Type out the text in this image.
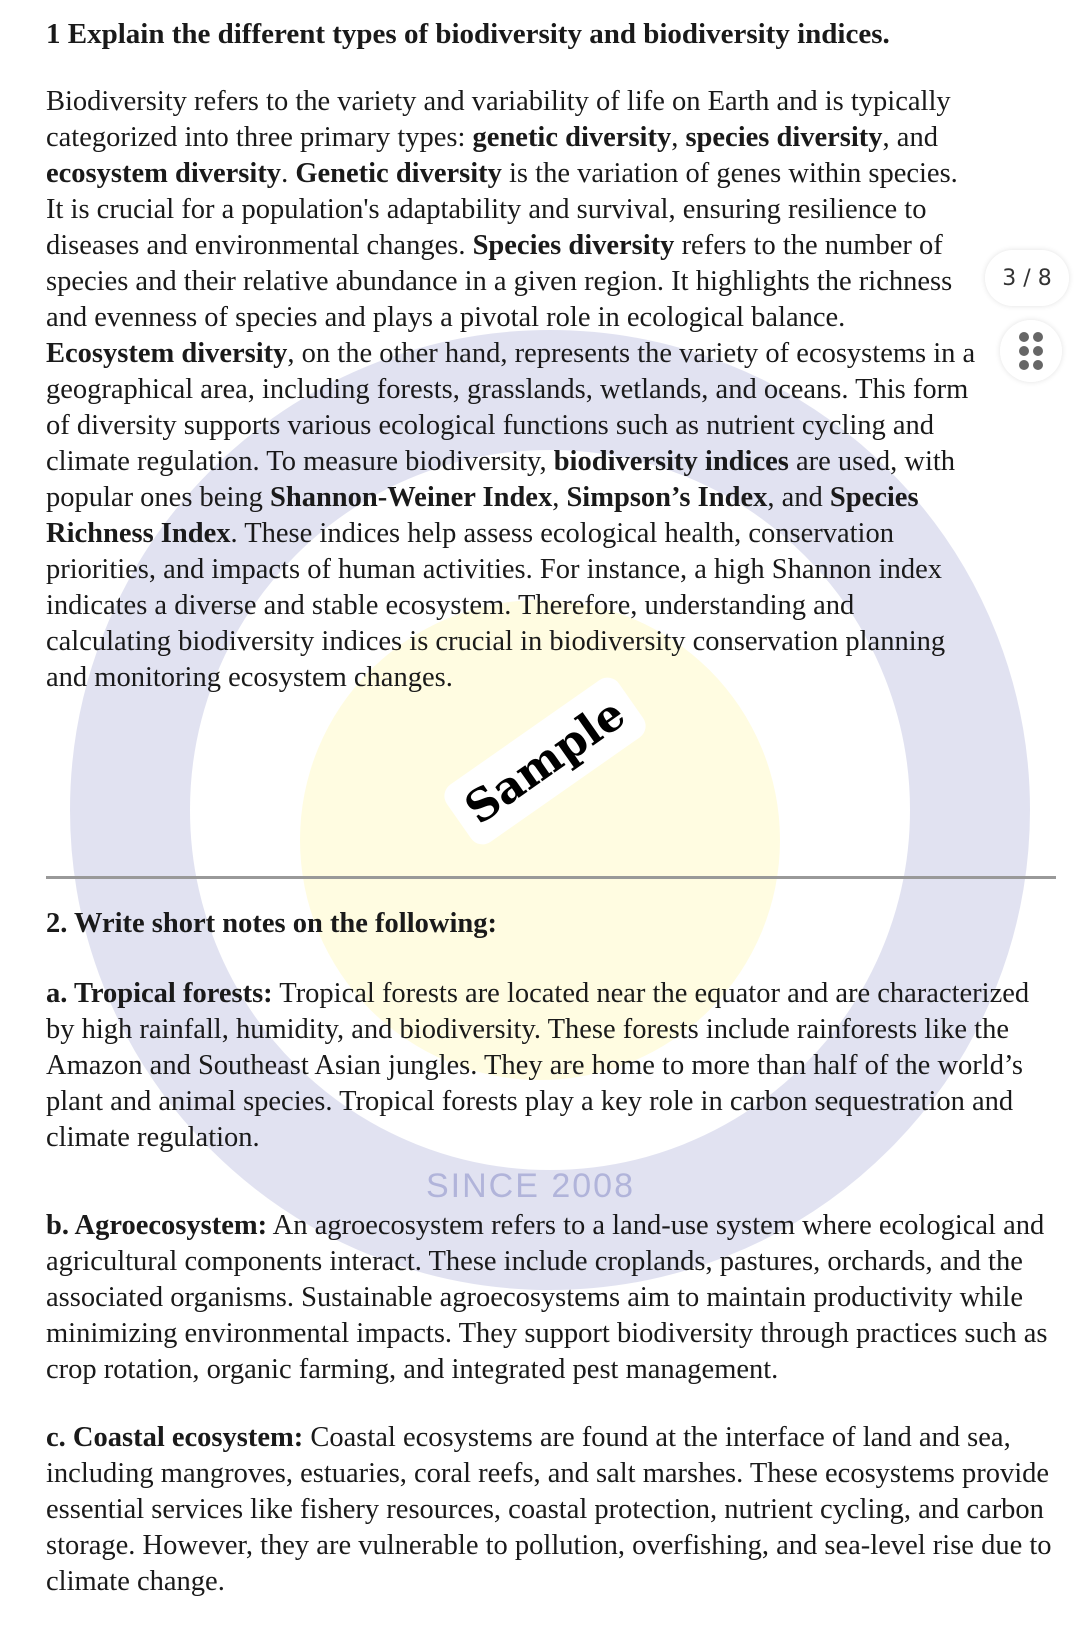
1 Explain the different types of biodiversity and biodiversity indices.

Biodiversity refers to the variety and variability of life on Earth and is typically categorized into three primary types: genetic diversity, species diversity, and ecosystem diversity. Genetic diversity is the variation of genes within species. It is crucial for a population's adaptability and survival, ensuring resilience to diseases and environmental changes. Species diversity refers to the number of species and their relative abundance in a given region. It highlights the richness and evenness of species and plays a pivotal role in ecological balance. Ecosystem diversity, on the other hand, represents the variety of ecosystems in a geographical area, including forests, grasslands, wetlands, and oceans. This form of diversity supports various ecological functions such as nutrient cycling and climate regulation. To measure biodiversity, biodiversity indices are used, with popular ones being Shannon-Weiner Index, Simpson’s Index, and Species Richness Index. These indices help assess ecological health, conservation priorities, and impacts of human activities. For instance, a high Shannon index indicates a diverse and stable ecosystem. Therefore, understanding and calculating biodiversity indices is crucial in biodiversity conservation planning and monitoring ecosystem changes.

Sample
2. Write short notes on the following:

a. Tropical forests: Tropical forests are located near the equator and are characterized by high rainfall, humidity, and biodiversity. These forests include rainforests like the Amazon and Southeast Asian jungles. They are home to more than half of the world’s plant and animal species. Tropical forests play a key role in carbon sequestration and climate regulation.

SINCE 2008

b. Agroecosystem: An agroecosystem refers to a land-use system where ecological and agricultural components interact. These include croplands, pastures, orchards, and the associated organisms. Sustainable agroecosystems aim to maintain productivity while minimizing environmental impacts. They support biodiversity through practices such as crop rotation, organic farming, and integrated pest management.

c. Coastal ecosystem: Coastal ecosystems are found at the interface of land and sea, including mangroves, estuaries, coral reefs, and salt marshes. These ecosystems provide essential services like fishery resources, coastal protection, nutrient cycling, and carbon storage. However, they are vulnerable to pollution, overfishing, and sea-level rise due to climate change.

3 / 8
